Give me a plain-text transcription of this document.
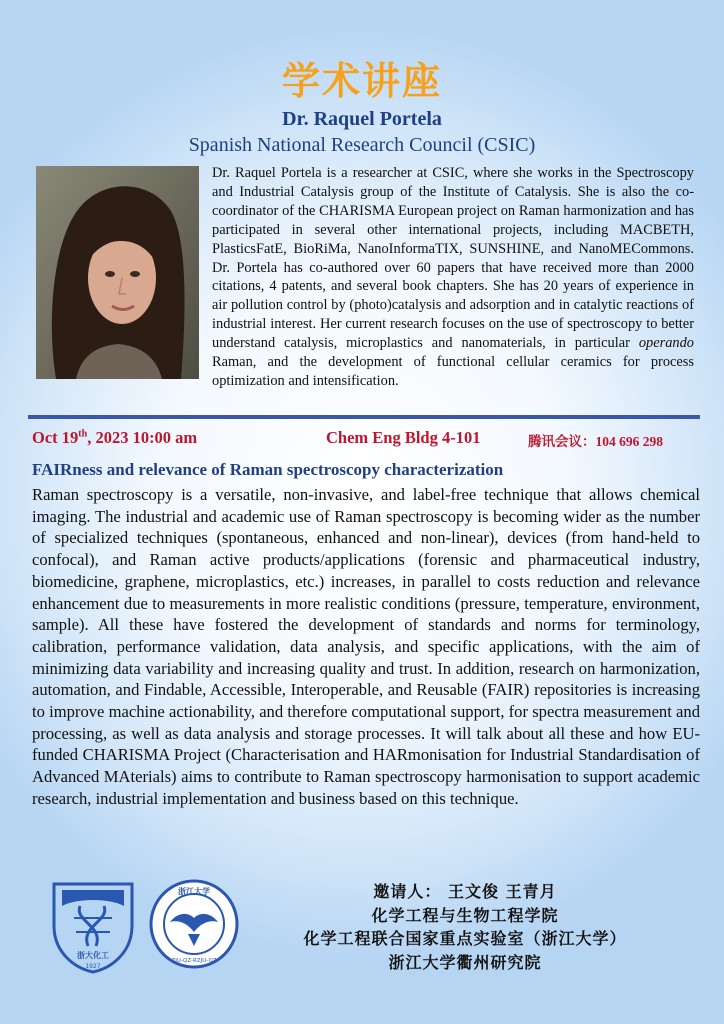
学术讲座
Dr. Raquel Portela
Spanish National Research Council (CSIC)
Dr. Raquel Portela is a researcher at CSIC, where she works in the Spectroscopy and Industrial Catalysis group of the Institute of Catalysis. She is also the co-coordinator of the CHARISMA European project on Raman harmonization and has participated in several other international projects, including MACBETH, PlasticsFatE, BioRiMa, NanoInformaTIX, SUNSHINE, and NanoMECommons. Dr. Portela has co-authored over 60 papers that have received more than 2000 citations, 4 patents, and several book chapters. She has 20 years of experience in air pollution control by (photo)catalysis and adsorption and in catalytic reactions of industrial interest. Her current research focuses on the use of spectroscopy to better understand catalysis, microplastics and nanomaterials, in particular operando Raman, and the development of functional cellular ceramics for process optimization and intensification.
Oct 19th, 2023 10:00 am	Chem Eng Bldg 4-101	腾讯会议：104 696 298
FAIRness and relevance of Raman spectroscopy characterization
Raman spectroscopy is a versatile, non-invasive, and label-free technique that allows chemical imaging. The industrial and academic use of Raman spectroscopy is becoming wider as the number of specialized techniques (spontaneous, enhanced and non-linear), devices (from hand-held to confocal), and Raman active products/applications (forensic and pharmaceutical industry, biomedicine, graphene, microplastics, etc.) increases, in parallel to costs reduction and relevance enhancement due to measurements in more realistic conditions (pressure, temperature, environment, sample). All these have fostered the development of standards and norms for terminology, calibration, performance validation, data analysis, and specific applications, with the aim of minimizing data variability and increasing quality and trust. In addition, research on harmonization, automation, and Findable, Accessible, Interoperable, and Reusable (FAIR) repositories is increasing to improve machine actionability, and therefore computational support, for spectra measurement and processing, as well as data analysis and storage processes. It will talk about all these and how EU-funded CHARISMA Project (Characterisation and HARmonisation for Industrial Standardisation of Advanced MAterials) aims to contribute to Raman spectroscopy harmonisation to support academic research, industrial implementation and business based on this technique.
浙大化工
1927
浙江大学
ZJU-QZ-RZJU-QZ
邀请人： 王文俊 王青月
化学工程与生物工程学院
化学工程联合国家重点实验室（浙江大学）
浙江大学衢州研究院
